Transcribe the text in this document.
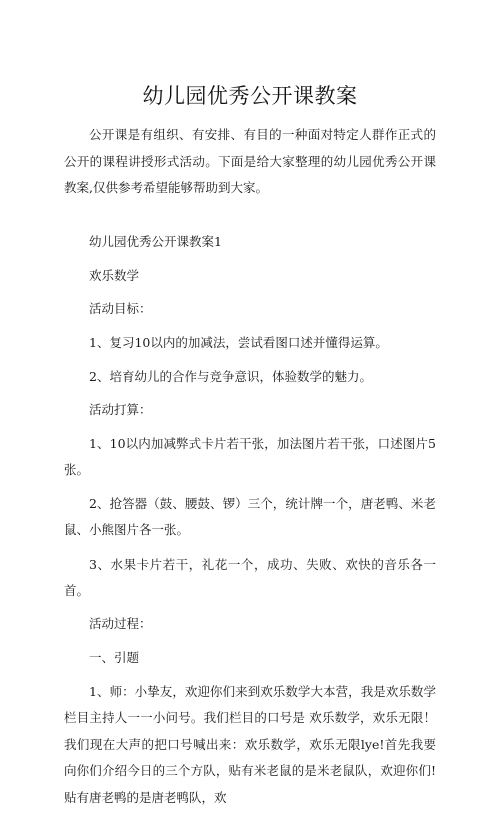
幼儿园优秀公开课教案
公开课是有组织、有安排、有目的一种面对特定人群作正式的公开的课程讲授形式活动。下面是给大家整理的幼儿园优秀公开课教案,仅供参考希望能够帮助到大家。

幼儿园优秀公开课教案1

欢乐数学

活动目标：

1、复习10以内的加减法，尝试看图口述并懂得运算。

2、培育幼儿的合作与竞争意识，体验数学的魅力。

活动打算：

1、10以内加减弊式卡片若干张，加法图片若干张，口述图片5张。

2、抢答器（鼓、腰鼓、锣）三个，统计牌一个，唐老鸭、米老鼠、小熊图片各一张。

3、水果卡片若干，礼花一个，成功、失败、欢快的音乐各一首。

活动过程：

一、引题

1、师：小挚友，欢迎你们来到欢乐数学大本营，我是欢乐数学栏目主持人一一小问号。我们栏目的口号是 欢乐数学，欢乐无限！我们现在大声的把口号喊出来：欢乐数学，欢乐无限lye!首先我要向你们介绍今日的三个方队，贴有米老鼠的是米老鼠队，欢迎你们!贴有唐老鸭的是唐老鸭队，欢
